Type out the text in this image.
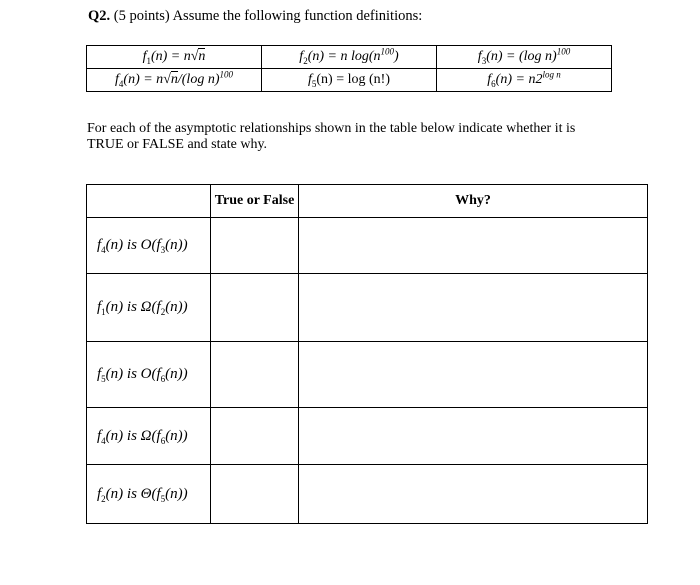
Q2. (5 points) Assume the following function definitions:
$f_1(n) = n√n$	$f_2(n) = n$ $\log(n^{100})$	$f_3(n) = (\log$ n)$^{100}$
$f_4(n) = n√n/(\log$ n)$^{100}$	$f_5(n) = \log (n!)$	$f_6(n) = n2^{log n}$
For each of the asymptotic relationships shown in the table below indicate whether it is TRUE or FALSE and state why.
	True or False	Why?
$f_4(n)$ is $O(f_3(n))$		
$f_1(n)$ is $\Omega(f_2(n))$		
$f_5(n)$ is $O(f_6(n))$		
$f_4(n)$ is $\Omega(f_6(n))$		
$f_2(n)$ is $\Theta(f_5(n))$		
